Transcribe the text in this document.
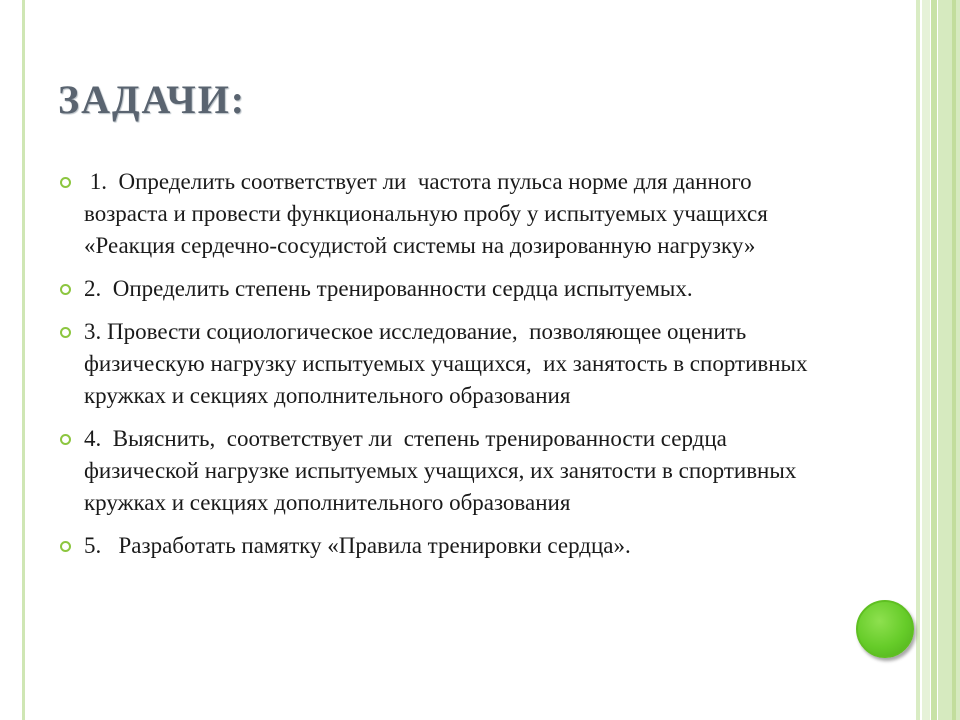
ЗАДАЧИ:
1.  Определить соответствует ли  частота пульса норме для данного возраста и провести функциональную пробу у испытуемых учащихся «Реакция сердечно-сосудистой системы на дозированную нагрузку»
2.  Определить степень тренированности сердца испытуемых.
3. Провести социологическое исследование,  позволяющее оценить физическую нагрузку испытуемых учащихся,  их занятость в спортивных кружках и секциях дополнительного образования
4.  Выяснить,  соответствует ли  степень тренированности сердца физической нагрузке испытуемых учащихся, их занятости в спортивных кружках и секциях дополнительного образования
5.   Разработать памятку «Правила тренировки сердца».
